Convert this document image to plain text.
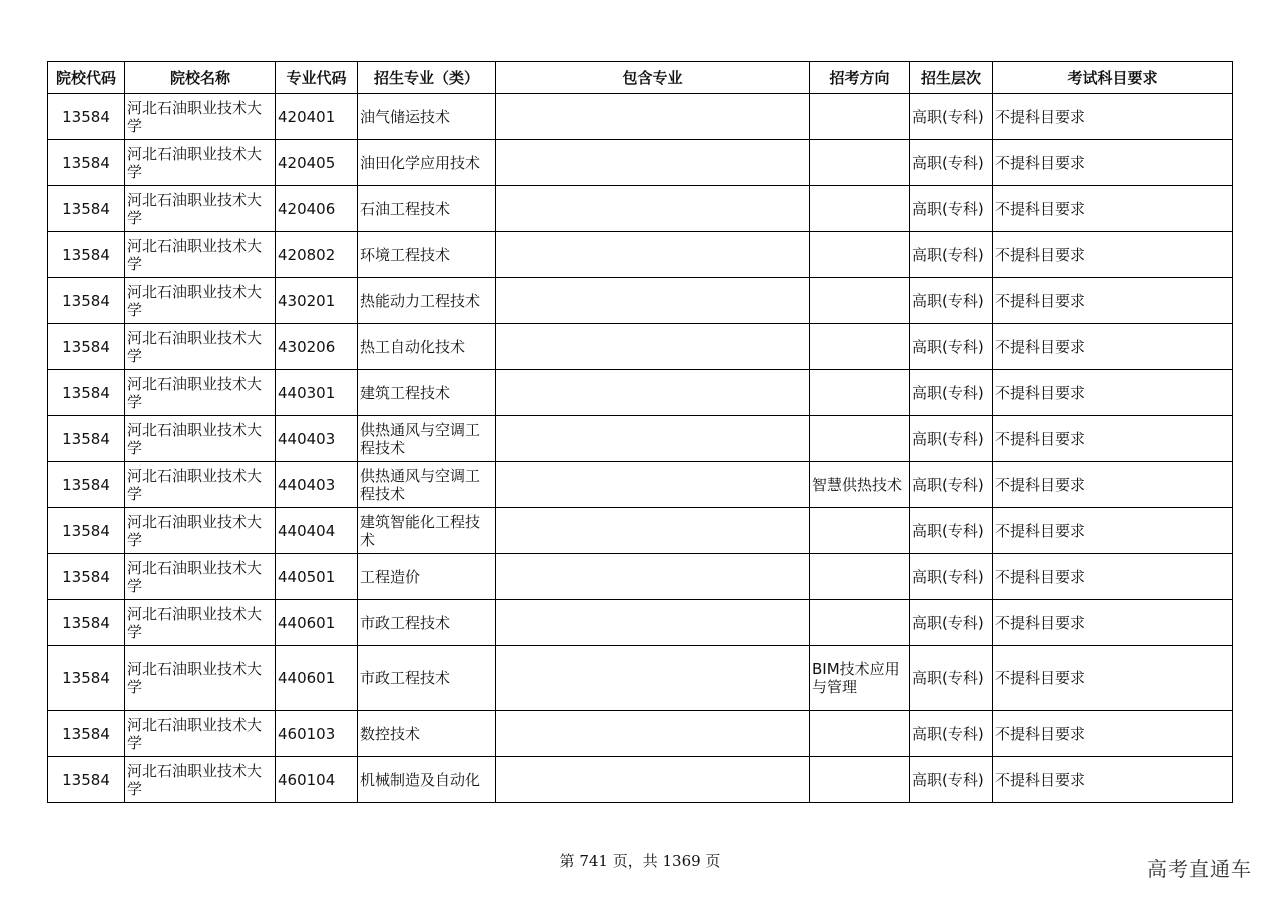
院校代码	院校名称	专业代码	招生专业（类）	包含专业	招考方向	招生层次	考试科目要求
13584	河北石油职业技术大学	420401	油气储运技术			高职(专科)	不提科目要求
13584	河北石油职业技术大学	420405	油田化学应用技术			高职(专科)	不提科目要求
13584	河北石油职业技术大学	420406	石油工程技术			高职(专科)	不提科目要求
13584	河北石油职业技术大学	420802	环境工程技术			高职(专科)	不提科目要求
13584	河北石油职业技术大学	430201	热能动力工程技术			高职(专科)	不提科目要求
13584	河北石油职业技术大学	430206	热工自动化技术			高职(专科)	不提科目要求
13584	河北石油职业技术大学	440301	建筑工程技术			高职(专科)	不提科目要求
13584	河北石油职业技术大学	440403	供热通风与空调工程技术			高职(专科)	不提科目要求
13584	河北石油职业技术大学	440403	供热通风与空调工程技术		智慧供热技术	高职(专科)	不提科目要求
13584	河北石油职业技术大学	440404	建筑智能化工程技术			高职(专科)	不提科目要求
13584	河北石油职业技术大学	440501	工程造价			高职(专科)	不提科目要求
13584	河北石油职业技术大学	440601	市政工程技术			高职(专科)	不提科目要求
13584	河北石油职业技术大学	440601	市政工程技术		BIM技术应用与管理	高职(专科)	不提科目要求
13584	河北石油职业技术大学	460103	数控技术			高职(专科)	不提科目要求
13584	河北石油职业技术大学	460104	机械制造及自动化			高职(专科)	不提科目要求
第 741 页，共 1369 页	高考直通车
